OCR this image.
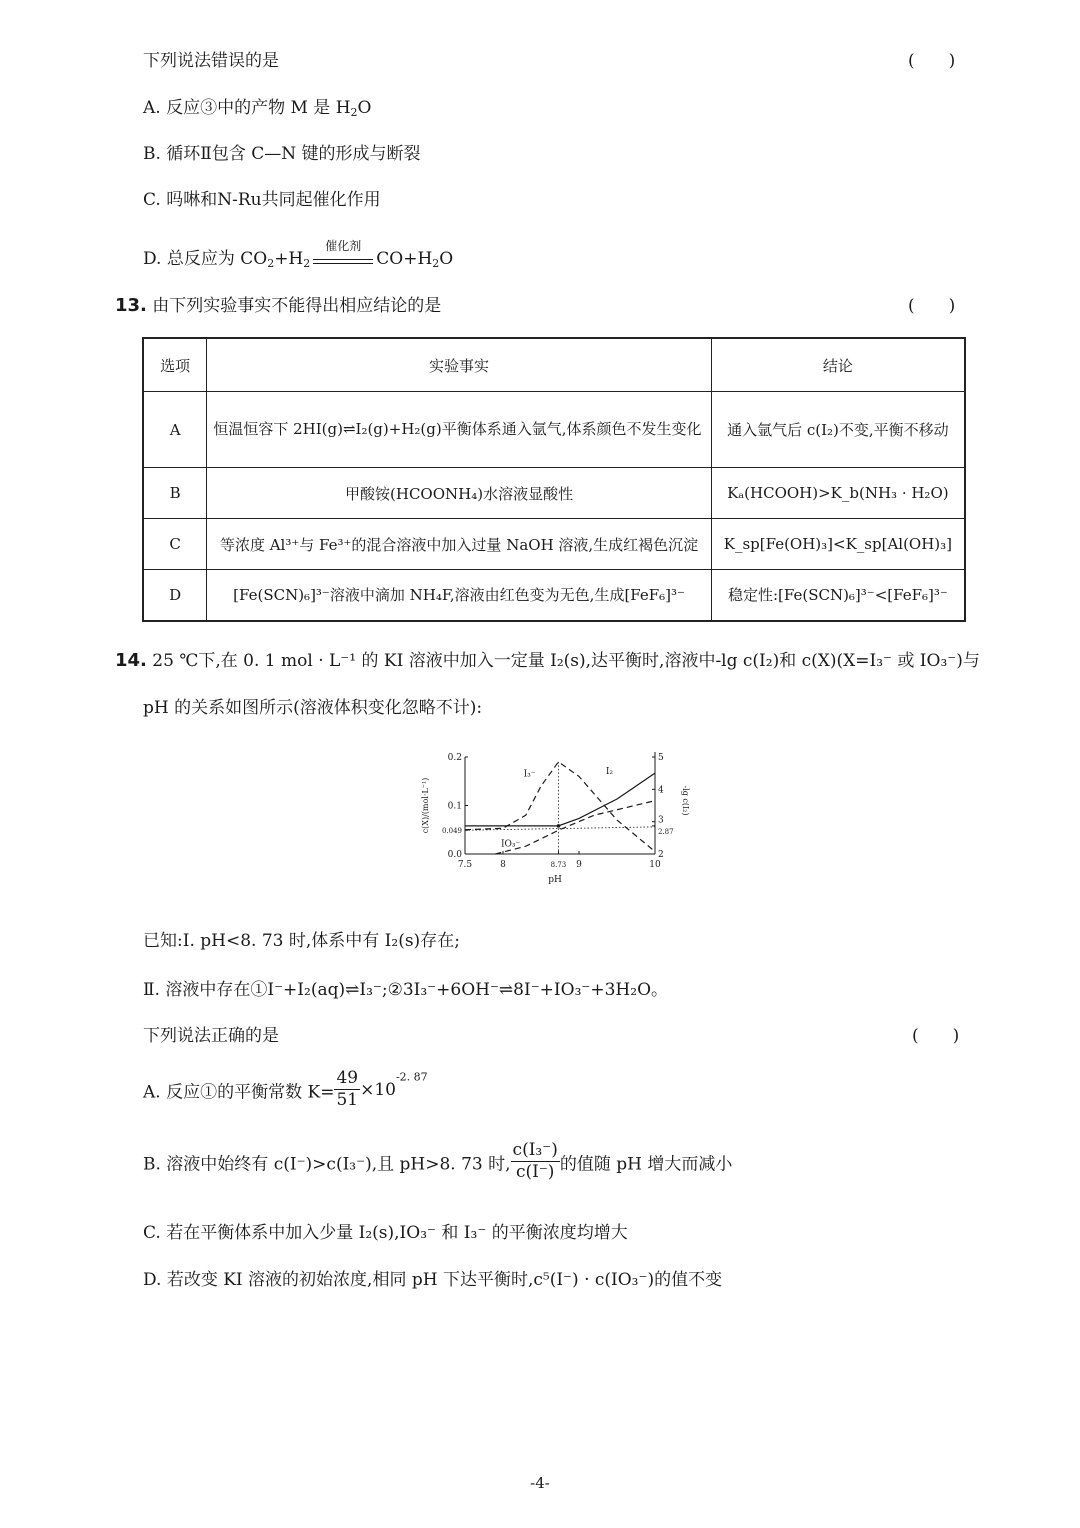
下列说法错误的是	(　　)
A. 反应③中的产物 M 是 $H_2O$
B. 循环Ⅱ包含 C—N 键的形成与断裂
C. 吗啉和N-Ru共同起催化作用
D. 总反应为 $CO_2+H_2$
催化剂
$CO+H_2O$
13. 由下列实验事实不能得出相应结论的是	(　　)
选项	实验事实	结论
A	恒温恒容下 2HI(g)⇌I₂(g)+H₂(g)平衡体系通入氩气,体系颜色不发生变化	通入氩气后 c(I₂)不变,平衡不移动
B	甲酸铵(HCOONH₄)水溶液显酸性	Kₐ(HCOOH)>K_b(NH₃ · H₂O)
C	等浓度 Al³⁺与 Fe³⁺的混合溶液中加入过量 NaOH 溶液,生成红褐色沉淀	K_sp[Fe(OH)₃]<K_sp[Al(OH)₃]
D	[Fe(SCN)₆]³⁻溶液中滴加 NH₄F,溶液由红色变为无色,生成[FeF₆]³⁻	稳定性:[Fe(SCN)₆]³⁻<[FeF₆]³⁻
14. 25 ℃下,在 0. 1 mol · L⁻¹ 的 KI 溶液中加入一定量 I₂(s),达平衡时,溶液中-lg c(I₂)和 c(X)(X=I₃⁻ 或 IO₃⁻)与
pH 的关系如图所示(溶液体积变化忽略不计):
7.5	8	8.73 9	10
0.0
0.049
0.1
0.2
2
2.87
3
4
5
pH
c(X)/(mol·L⁻¹)	-lg c(I₂)
I₃⁻	I₂
IO₃⁻
已知:Ⅰ. pH<8. 73 时,体系中有 I₂(s)存在;
Ⅱ. 溶液中存在①I⁻+I₂(aq)⇌I₃⁻;②3I₃⁻+6OH⁻⇌8I⁻+IO₃⁻+3H₂O。
下列说法正确的是	(　　)
A. 反应①的平衡常数 $K= \frac{49}{51} \times 10^{-2. 87}$
B. 溶液中始终有 c(I⁻)>c(I₃⁻),且 pH>8. 73 时, $\frac{\text{c(I₃⁻)}}{c(I^-)}$ 的值随 pH 增大而减小
C. 若在平衡体系中加入少量 I₂(s),IO₃⁻ 和 I₃⁻ 的平衡浓度均增大
D. 若改变 KI 溶液的初始浓度,相同 pH 下达平衡时,c⁵(I⁻) · c(IO₃⁻)的值不变
-4-
